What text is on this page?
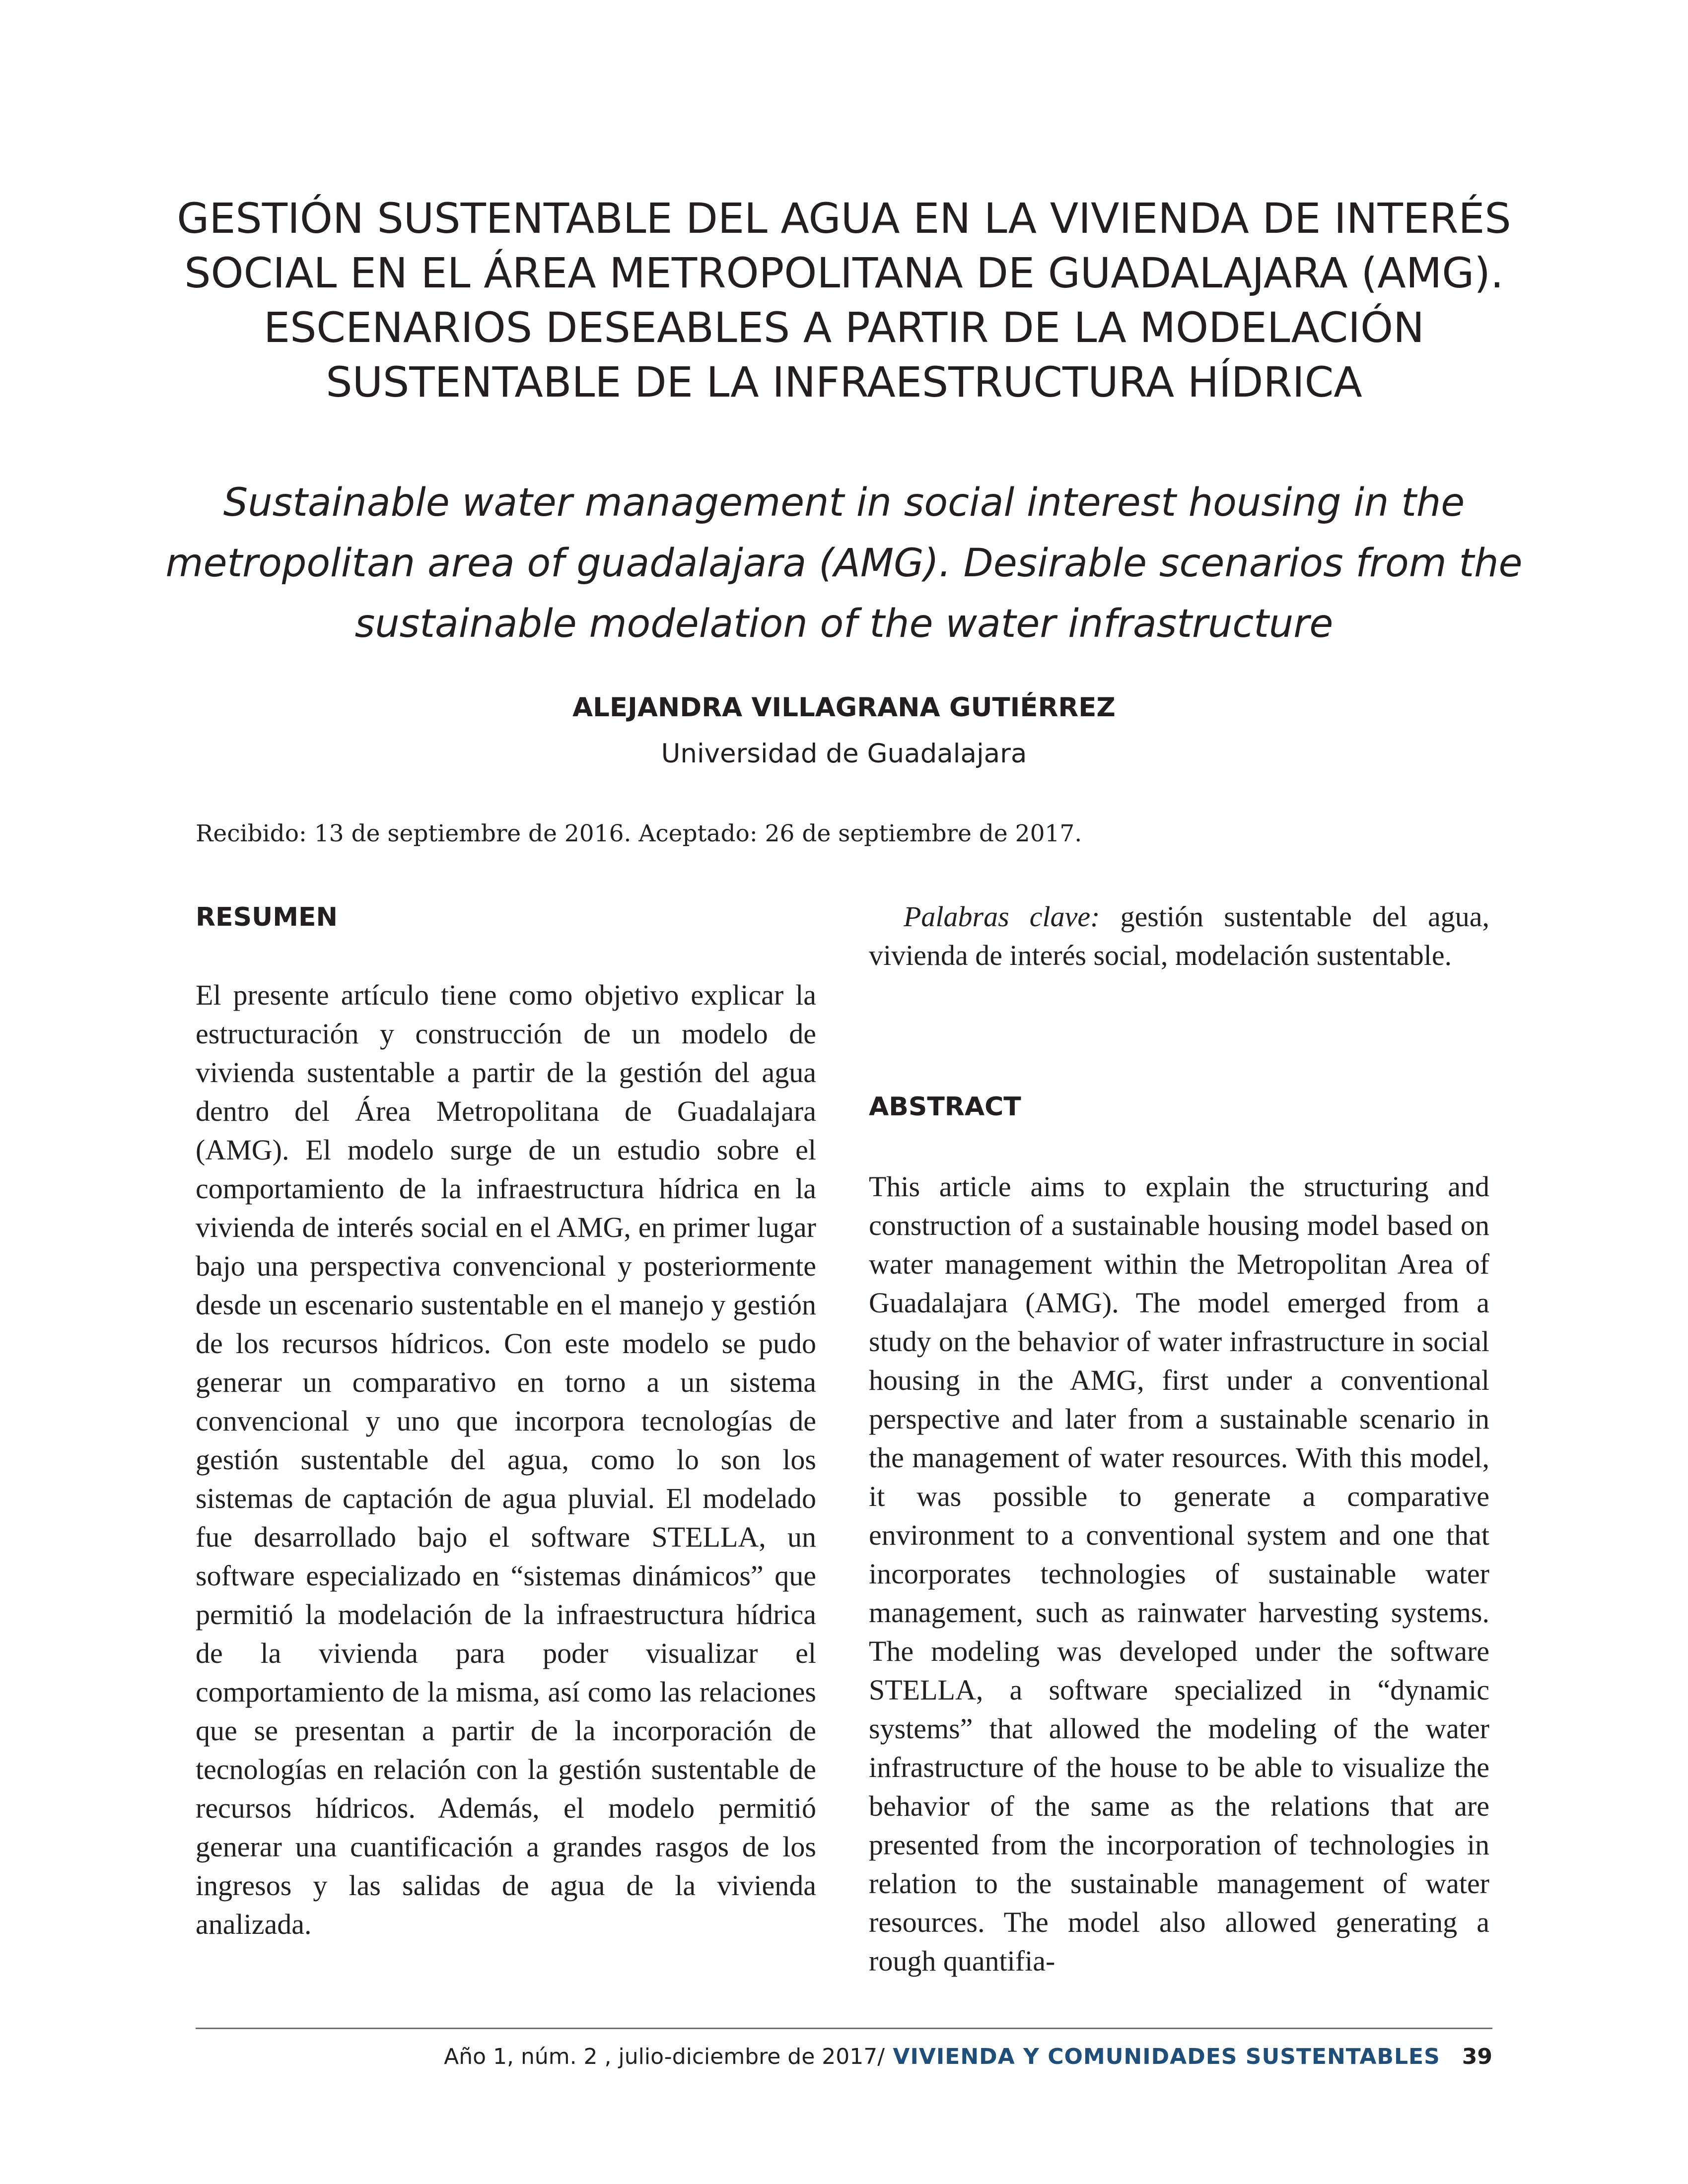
GESTIÓN SUSTENTABLE DEL AGUA EN LA VIVIENDA DE INTERÉS SOCIAL EN EL ÁREA METROPOLITANA DE GUADALAJARA (AMG). ESCENARIOS DESEABLES A PARTIR DE LA MODELACIÓN SUSTENTABLE DE LA INFRAESTRUCTURA HÍDRICA
Sustainable water management in social interest housing in the metropolitan area of guadalajara (AMG). Desirable scenarios from the sustainable modelation of the water infrastructure
ALEJANDRA VILLAGRANA GUTIÉRREZ
Universidad de Guadalajara
Recibido: 13 de septiembre de 2016. Aceptado: 26 de septiembre de 2017.
RESUMEN
El presente artículo tiene como objetivo explicar la estructuración y construcción de un modelo de vivienda sustentable a partir de la gestión del agua dentro del Área Metropolitana de Guadalajara (AMG). El modelo surge de un estudio sobre el comportamiento de la infraestructura hídrica en la vivienda de interés social en el AMG, en primer lugar bajo una perspectiva convencional y posteriormente desde un escenario sustentable en el manejo y gestión de los recursos hídricos. Con este modelo se pudo generar un comparativo en torno a un sistema convencional y uno que incorpora tecnologías de gestión sustentable del agua, como lo son los sistemas de captación de agua pluvial. El modelado fue desarrollado bajo el software STELLA, un software especializado en “sistemas dinámicos” que permitió la modelación de la infraestructura hídrica de la vivienda para poder visualizar el comportamiento de la misma, así como las relaciones que se presentan a partir de la incorporación de tecnologías en relación con la gestión sustentable de recursos hídricos. Además, el modelo permitió generar una cuantificación a grandes rasgos de los ingresos y las salidas de agua de la vivienda analizada.
Palabras clave: gestión sustentable del agua, vivienda de interés social, modelación sustentable.
ABSTRACT
This article aims to explain the structuring and construction of a sustainable housing model based on water management within the Metropolitan Area of Guadalajara (AMG). The model emerged from a study on the behavior of water infrastructure in social housing in the AMG, first under a conventional perspective and later from a sustainable scenario in the management of water resources. With this model, it was possible to generate a comparative environment to a conventional system and one that incorporates technologies of sustainable water management, such as rainwater harvesting systems. The modeling was developed under the software STELLA, a software specialized in “dynamic systems” that allowed the modeling of the water infrastructure of the house to be able to visualize the behavior of the same as the relations that are presented from the incorporation of technologies in relation to the sustainable management of water resources. The model also allowed generating a rough quantifia-
Año 1, núm. 2 , julio-diciembre de 2017/ VIVIENDA Y COMUNIDADES SUSTENTABLES 39
